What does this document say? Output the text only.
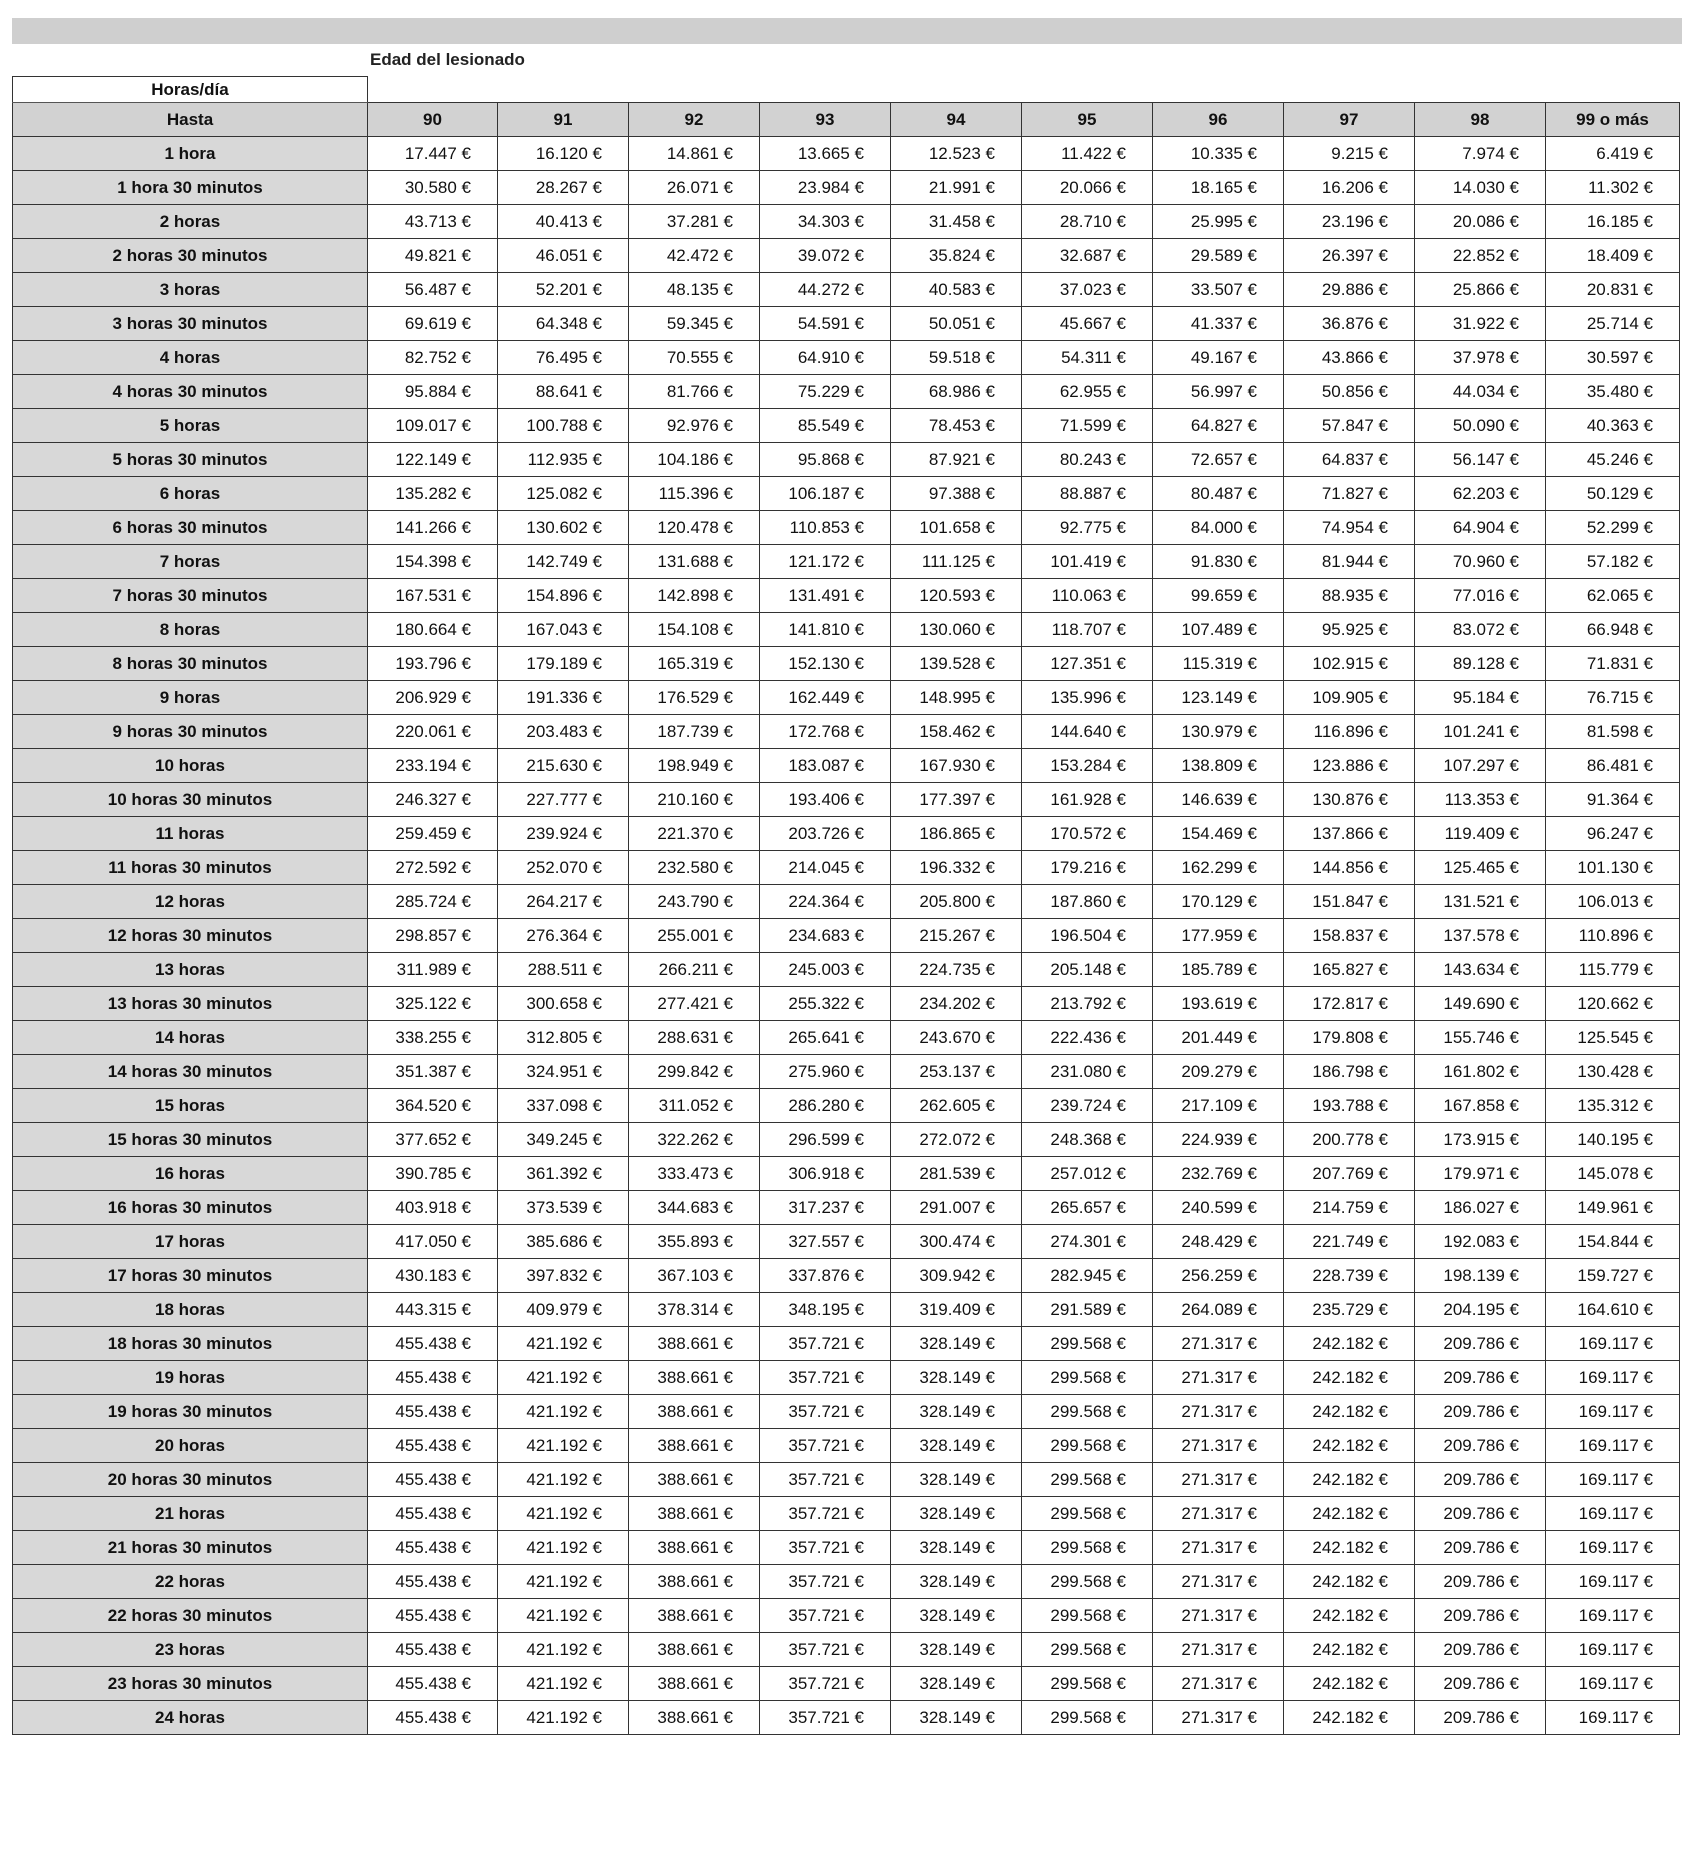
Edad del lesionado
Horas/día										
Hasta	90	91	92	93	94	95	96	97	98	99 o más
1 hora	17.447 €	16.120 €	14.861 €	13.665 €	12.523 €	11.422 €	10.335 €	9.215 €	7.974 €	6.419 €
1 hora 30 minutos	30.580 €	28.267 €	26.071 €	23.984 €	21.991 €	20.066 €	18.165 €	16.206 €	14.030 €	11.302 €
2 horas	43.713 €	40.413 €	37.281 €	34.303 €	31.458 €	28.710 €	25.995 €	23.196 €	20.086 €	16.185 €
2 horas 30 minutos	49.821 €	46.051 €	42.472 €	39.072 €	35.824 €	32.687 €	29.589 €	26.397 €	22.852 €	18.409 €
3 horas	56.487 €	52.201 €	48.135 €	44.272 €	40.583 €	37.023 €	33.507 €	29.886 €	25.866 €	20.831 €
3 horas 30 minutos	69.619 €	64.348 €	59.345 €	54.591 €	50.051 €	45.667 €	41.337 €	36.876 €	31.922 €	25.714 €
4 horas	82.752 €	76.495 €	70.555 €	64.910 €	59.518 €	54.311 €	49.167 €	43.866 €	37.978 €	30.597 €
4 horas 30 minutos	95.884 €	88.641 €	81.766 €	75.229 €	68.986 €	62.955 €	56.997 €	50.856 €	44.034 €	35.480 €
5 horas	109.017 €	100.788 €	92.976 €	85.549 €	78.453 €	71.599 €	64.827 €	57.847 €	50.090 €	40.363 €
5 horas 30 minutos	122.149 €	112.935 €	104.186 €	95.868 €	87.921 €	80.243 €	72.657 €	64.837 €	56.147 €	45.246 €
6 horas	135.282 €	125.082 €	115.396 €	106.187 €	97.388 €	88.887 €	80.487 €	71.827 €	62.203 €	50.129 €
6 horas 30 minutos	141.266 €	130.602 €	120.478 €	110.853 €	101.658 €	92.775 €	84.000 €	74.954 €	64.904 €	52.299 €
7 horas	154.398 €	142.749 €	131.688 €	121.172 €	111.125 €	101.419 €	91.830 €	81.944 €	70.960 €	57.182 €
7 horas 30 minutos	167.531 €	154.896 €	142.898 €	131.491 €	120.593 €	110.063 €	99.659 €	88.935 €	77.016 €	62.065 €
8 horas	180.664 €	167.043 €	154.108 €	141.810 €	130.060 €	118.707 €	107.489 €	95.925 €	83.072 €	66.948 €
8 horas 30 minutos	193.796 €	179.189 €	165.319 €	152.130 €	139.528 €	127.351 €	115.319 €	102.915 €	89.128 €	71.831 €
9 horas	206.929 €	191.336 €	176.529 €	162.449 €	148.995 €	135.996 €	123.149 €	109.905 €	95.184 €	76.715 €
9 horas 30 minutos	220.061 €	203.483 €	187.739 €	172.768 €	158.462 €	144.640 €	130.979 €	116.896 €	101.241 €	81.598 €
10 horas	233.194 €	215.630 €	198.949 €	183.087 €	167.930 €	153.284 €	138.809 €	123.886 €	107.297 €	86.481 €
10 horas 30 minutos	246.327 €	227.777 €	210.160 €	193.406 €	177.397 €	161.928 €	146.639 €	130.876 €	113.353 €	91.364 €
11 horas	259.459 €	239.924 €	221.370 €	203.726 €	186.865 €	170.572 €	154.469 €	137.866 €	119.409 €	96.247 €
11 horas 30 minutos	272.592 €	252.070 €	232.580 €	214.045 €	196.332 €	179.216 €	162.299 €	144.856 €	125.465 €	101.130 €
12 horas	285.724 €	264.217 €	243.790 €	224.364 €	205.800 €	187.860 €	170.129 €	151.847 €	131.521 €	106.013 €
12 horas 30 minutos	298.857 €	276.364 €	255.001 €	234.683 €	215.267 €	196.504 €	177.959 €	158.837 €	137.578 €	110.896 €
13 horas	311.989 €	288.511 €	266.211 €	245.003 €	224.735 €	205.148 €	185.789 €	165.827 €	143.634 €	115.779 €
13 horas 30 minutos	325.122 €	300.658 €	277.421 €	255.322 €	234.202 €	213.792 €	193.619 €	172.817 €	149.690 €	120.662 €
14 horas	338.255 €	312.805 €	288.631 €	265.641 €	243.670 €	222.436 €	201.449 €	179.808 €	155.746 €	125.545 €
14 horas 30 minutos	351.387 €	324.951 €	299.842 €	275.960 €	253.137 €	231.080 €	209.279 €	186.798 €	161.802 €	130.428 €
15 horas	364.520 €	337.098 €	311.052 €	286.280 €	262.605 €	239.724 €	217.109 €	193.788 €	167.858 €	135.312 €
15 horas 30 minutos	377.652 €	349.245 €	322.262 €	296.599 €	272.072 €	248.368 €	224.939 €	200.778 €	173.915 €	140.195 €
16 horas	390.785 €	361.392 €	333.473 €	306.918 €	281.539 €	257.012 €	232.769 €	207.769 €	179.971 €	145.078 €
16 horas 30 minutos	403.918 €	373.539 €	344.683 €	317.237 €	291.007 €	265.657 €	240.599 €	214.759 €	186.027 €	149.961 €
17 horas	417.050 €	385.686 €	355.893 €	327.557 €	300.474 €	274.301 €	248.429 €	221.749 €	192.083 €	154.844 €
17 horas 30 minutos	430.183 €	397.832 €	367.103 €	337.876 €	309.942 €	282.945 €	256.259 €	228.739 €	198.139 €	159.727 €
18 horas	443.315 €	409.979 €	378.314 €	348.195 €	319.409 €	291.589 €	264.089 €	235.729 €	204.195 €	164.610 €
18 horas 30 minutos	455.438 €	421.192 €	388.661 €	357.721 €	328.149 €	299.568 €	271.317 €	242.182 €	209.786 €	169.117 €
19 horas	455.438 €	421.192 €	388.661 €	357.721 €	328.149 €	299.568 €	271.317 €	242.182 €	209.786 €	169.117 €
19 horas 30 minutos	455.438 €	421.192 €	388.661 €	357.721 €	328.149 €	299.568 €	271.317 €	242.182 €	209.786 €	169.117 €
20 horas	455.438 €	421.192 €	388.661 €	357.721 €	328.149 €	299.568 €	271.317 €	242.182 €	209.786 €	169.117 €
20 horas 30 minutos	455.438 €	421.192 €	388.661 €	357.721 €	328.149 €	299.568 €	271.317 €	242.182 €	209.786 €	169.117 €
21 horas	455.438 €	421.192 €	388.661 €	357.721 €	328.149 €	299.568 €	271.317 €	242.182 €	209.786 €	169.117 €
21 horas 30 minutos	455.438 €	421.192 €	388.661 €	357.721 €	328.149 €	299.568 €	271.317 €	242.182 €	209.786 €	169.117 €
22 horas	455.438 €	421.192 €	388.661 €	357.721 €	328.149 €	299.568 €	271.317 €	242.182 €	209.786 €	169.117 €
22 horas 30 minutos	455.438 €	421.192 €	388.661 €	357.721 €	328.149 €	299.568 €	271.317 €	242.182 €	209.786 €	169.117 €
23 horas	455.438 €	421.192 €	388.661 €	357.721 €	328.149 €	299.568 €	271.317 €	242.182 €	209.786 €	169.117 €
23 horas 30 minutos	455.438 €	421.192 €	388.661 €	357.721 €	328.149 €	299.568 €	271.317 €	242.182 €	209.786 €	169.117 €
24 horas	455.438 €	421.192 €	388.661 €	357.721 €	328.149 €	299.568 €	271.317 €	242.182 €	209.786 €	169.117 €
